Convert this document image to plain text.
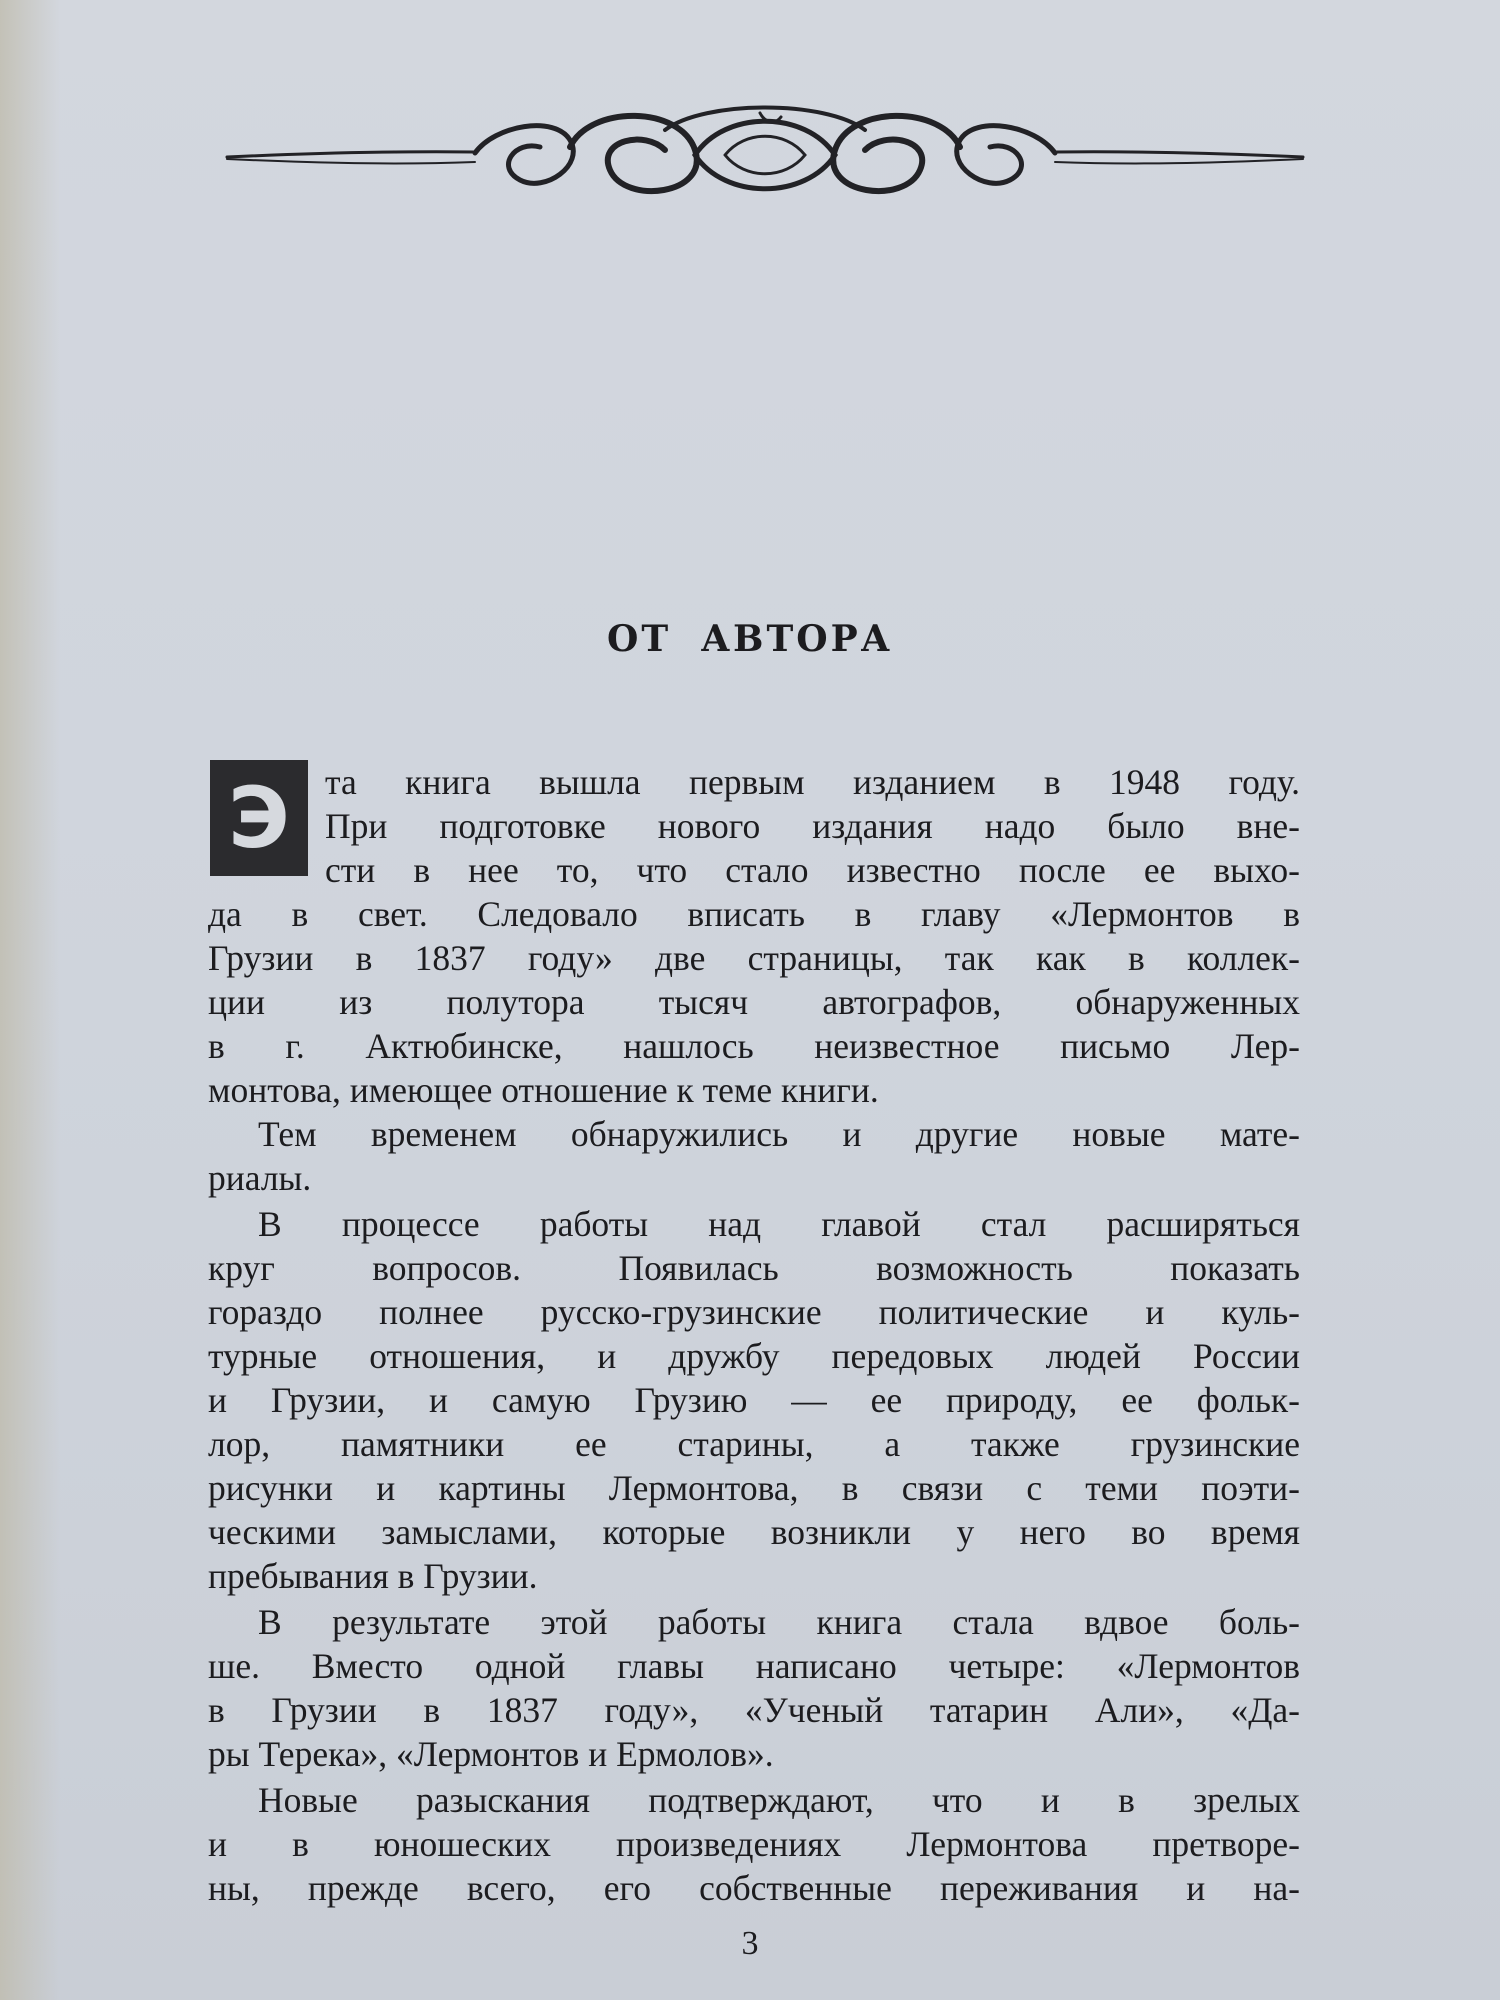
ОТ АВТОРА
Э та книга вышла первым изданием в 1948 году.

При подготовке нового издания надо было вне-

сти в нее то, что стало известно после ее выхо-

да в свет. Следовало вписать в главу «Лермонтов в

Грузии в 1837 году» две страницы, так как в коллек-

ции из полутора тысяч автографов, обнаруженных

в г. Актюбинске, нашлось неизвестное письмо Лер-

монтова, имеющее отношение к теме книги.

Тем временем обнаружились и другие новые мате-

риалы.

В процессе работы над главой стал расширяться

круг вопросов. Появилась возможность показать

гораздо полнее русско-грузинские политические и куль-

турные отношения, и дружбу передовых людей России

и Грузии, и самую Грузию — ее природу, ее фольк-

лор, памятники ее старины, а также грузинские

рисунки и картины Лермонтова, в связи с теми поэти-

ческими замыслами, которые возникли у него во время

пребывания в Грузии.

В результате этой работы книга стала вдвое боль-

ше. Вместо одной главы написано четыре: «Лермонтов

в Грузии в 1837 году», «Ученый татарин Али», «Да-

ры Терека», «Лермонтов и Ермолов».

Новые разыскания подтверждают, что и в зрелых

и в юношеских произведениях Лермонтова претворе-

ны, прежде всего, его собственные переживания и на-

3
